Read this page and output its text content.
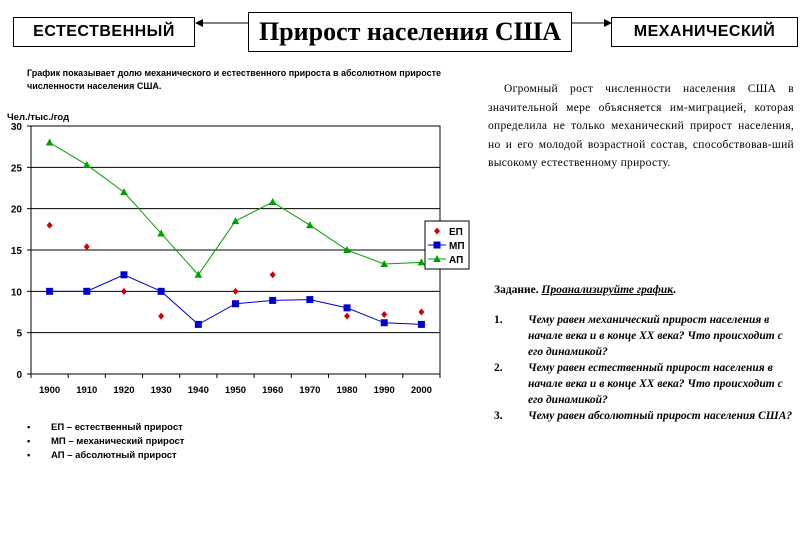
ЕСТЕСТВЕННЫЙ	Прирост населения США	МЕХАНИЧЕСКИЙ
График показывает долю механического и естественного прироста в абсолютном приросте численности населения США.
0
5
10
15
20
25
30
1900 1910 1920 1930 1940 1950 1960 1970 1980 1990 2000
Чел./тыс./год
ЕП
МП
АП
Огромный рост численности населения США в значительной мере объясняется им-миграцией, которая определила не только механический прирост населения, но и его молодой возрастной состав, способствовав-ший высокому естественному приросту.
Задание. Проанализируйте график.
1.	Чему равен механический прирост населения в начале века и в конце XX века? Что происходит с его динамикой?
2.	Чему равен естественный прирост населения в начале века и в конце XX века? Что происходит с его динамикой?
3.	Чему равен абсолютный прирост населения США?
• ЕП – естественный прирост
• МП – механический прирост
• АП – абсолютный прирост
